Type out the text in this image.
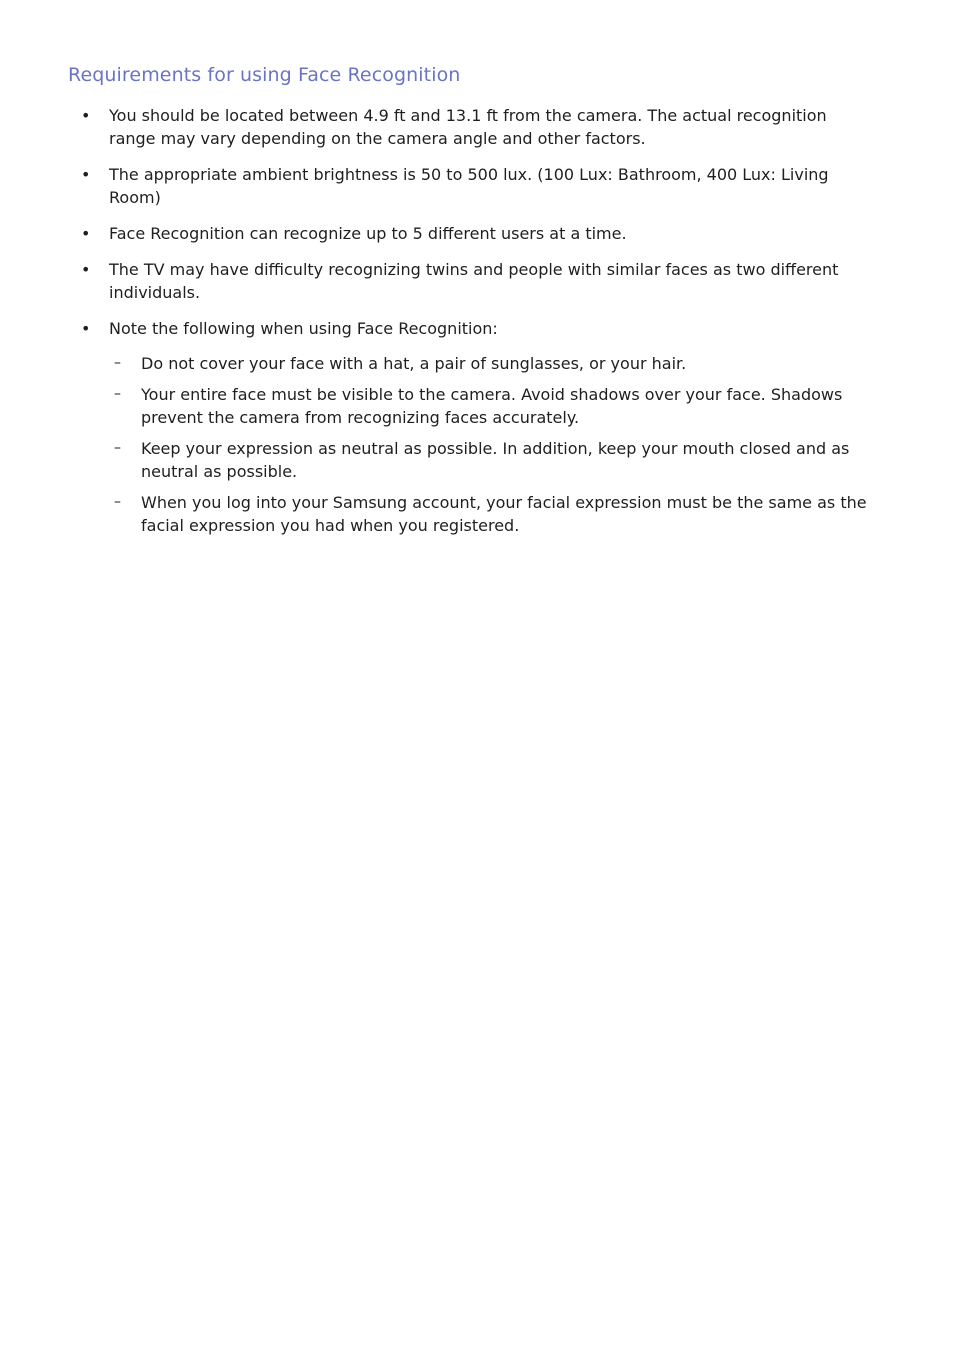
Requirements for using Face Recognition
• You should be located between 4.9 ft and 13.1 ft from the camera. The actual recognition range may vary depending on the camera angle and other factors.
• The appropriate ambient brightness is 50 to 500 lux. (100 Lux: Bathroom, 400 Lux: Living Room)
• Face Recognition can recognize up to 5 different users at a time.
• The TV may have difficulty recognizing twins and people with similar faces as two different individuals.
• Note the following when using Face Recognition:
– Do not cover your face with a hat, a pair of sunglasses, or your hair.
– Your entire face must be visible to the camera. Avoid shadows over your face. Shadows prevent the camera from recognizing faces accurately.
– Keep your expression as neutral as possible. In addition, keep your mouth closed and as neutral as possible.
– When you log into your Samsung account, your facial expression must be the same as the facial expression you had when you registered.
